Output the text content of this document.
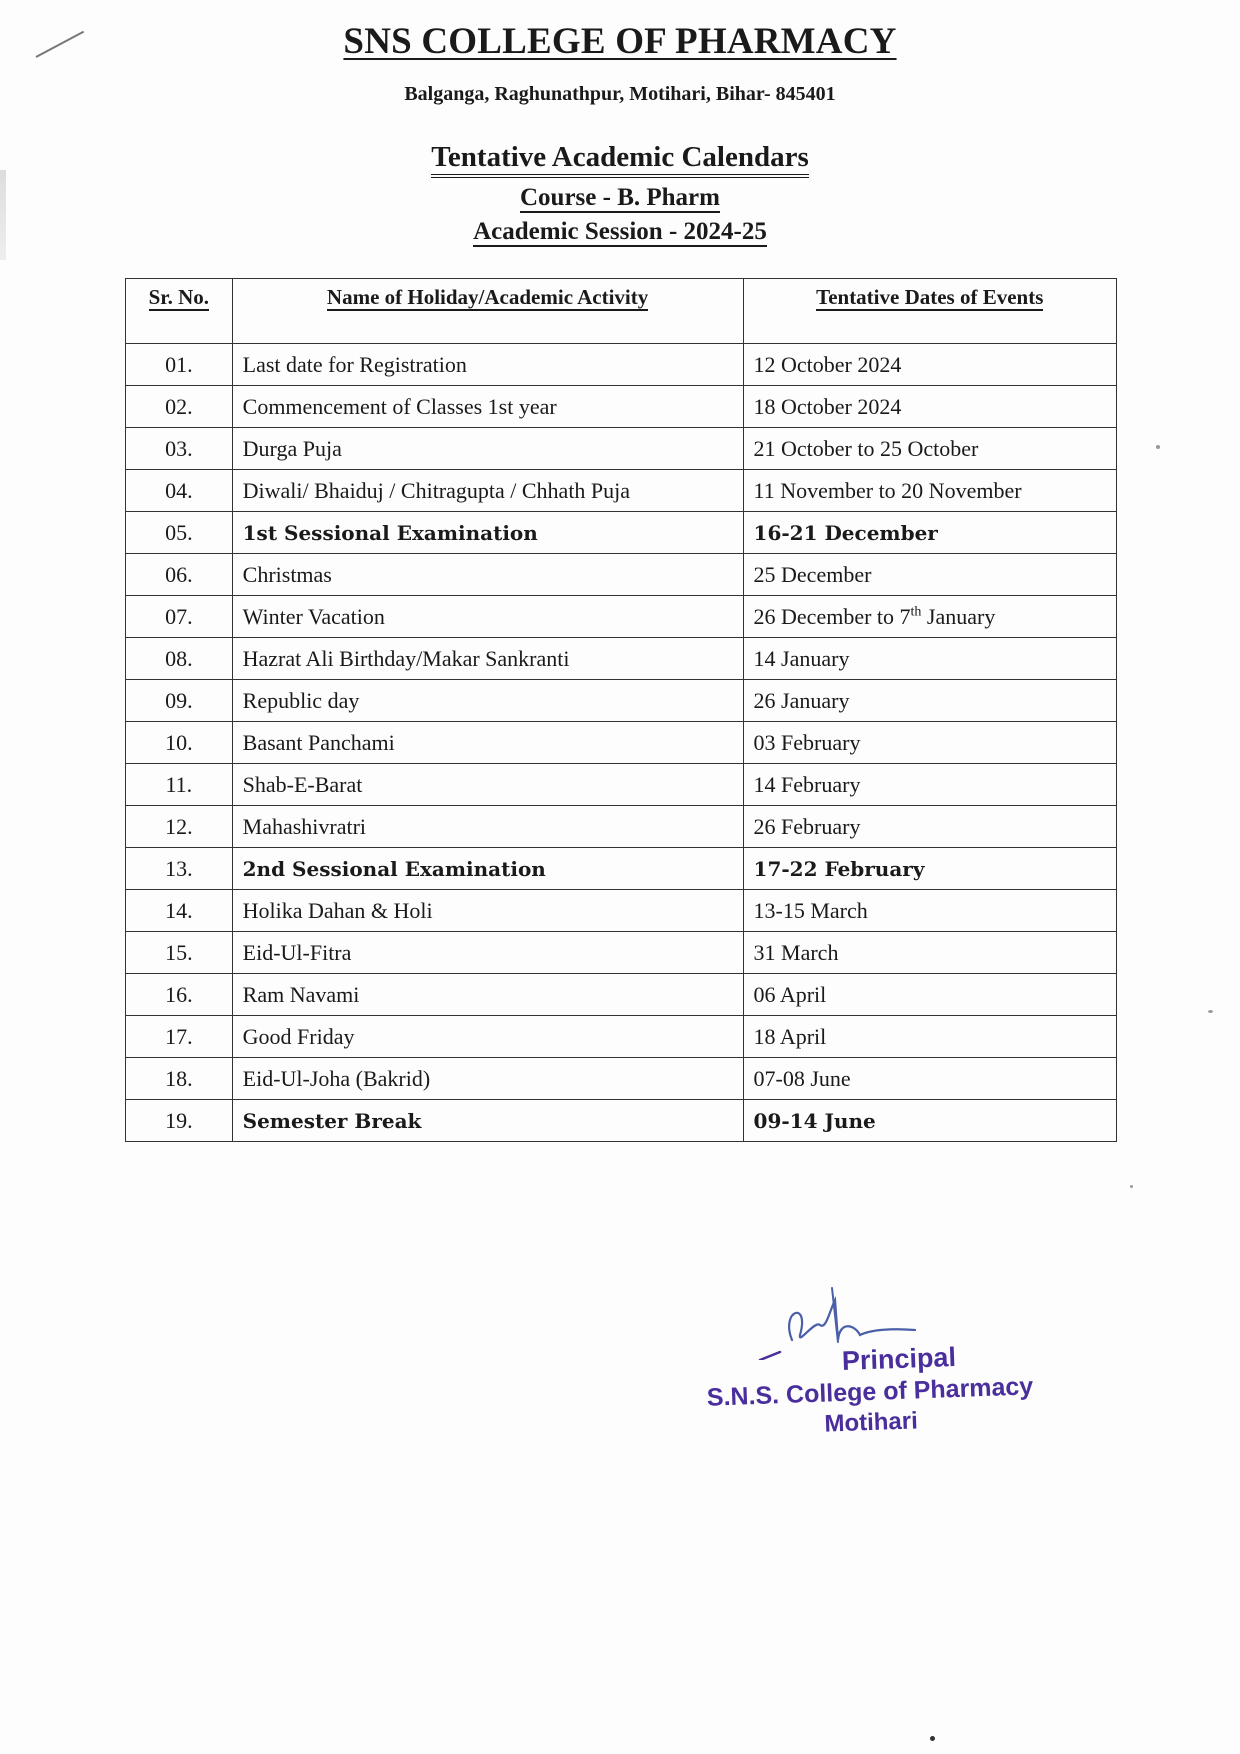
SNS COLLEGE OF PHARMACY
Balganga, Raghunathpur, Motihari, Bihar- 845401
Tentative Academic Calendars
Course - B. Pharm
Academic Session - 2024-25
Sr. No.	Name of Holiday/Academic Activity	Tentative Dates of Events
01.	Last date for Registration	12 October 2024
02.	Commencement of Classes 1st year	18 October 2024
03.	Durga Puja	21 October to 25 October
04.	Diwali/ Bhaiduj / Chitragupta / Chhath Puja	11 November to 20 November
05.	1st Sessional Examination	16-21 December
06.	Christmas	25 December
07.	Winter Vacation	26 December to 7th January
08.	Hazrat Ali Birthday/Makar Sankranti	14 January
09.	Republic day	26 January
10.	Basant Panchami	03 February
11.	Shab-E-Barat	14 February
12.	Mahashivratri	26 February
13.	2nd Sessional Examination	17-22 February
14.	Holika Dahan & Holi	13-15 March
15.	Eid-Ul-Fitra	31 March
16.	Ram Navami	06 April
17.	Good Friday	18 April
18.	Eid-Ul-Joha (Bakrid)	07-08 June
19.	Semester Break	09-14 June
Principal
S.N.S. College of Pharmacy
Motihari
